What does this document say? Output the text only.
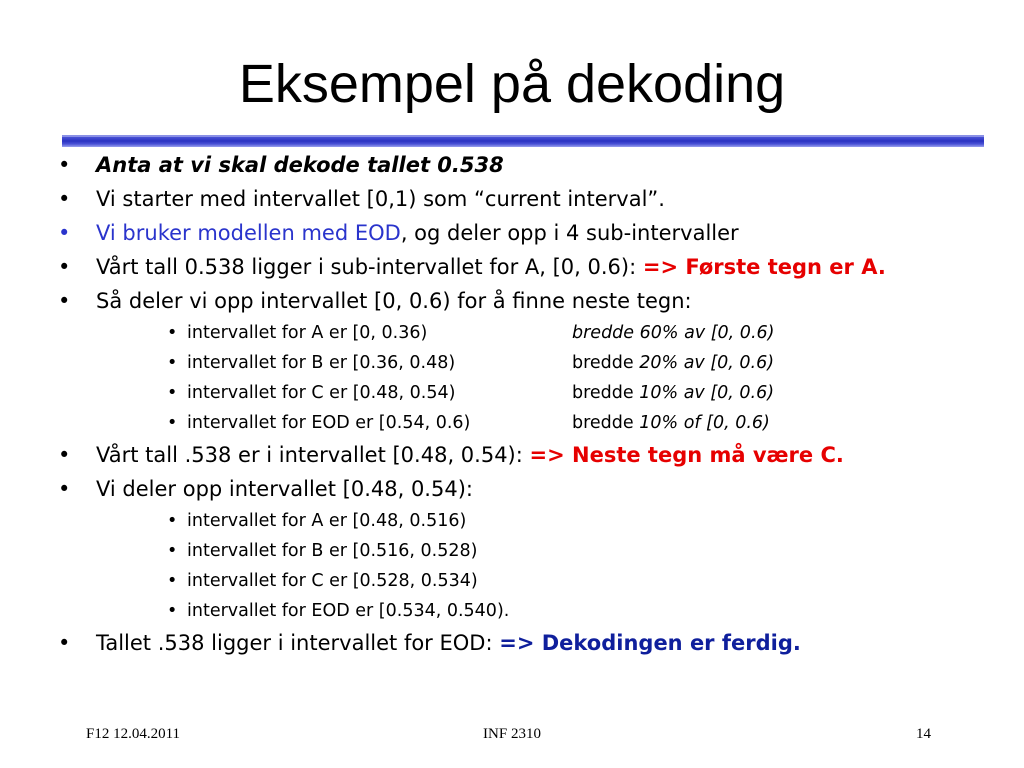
Eksempel på dekoding
• Anta at vi skal dekode tallet 0.538
• Vi starter med intervallet [0,1) som “current interval”.
• Vi bruker modellen med EOD, og deler opp i 4 sub-intervaller
• Vårt tall 0.538 ligger i sub-intervallet for A, [0, 0.6): => Første tegn er A.
• Så deler vi opp intervallet [0, 0.6) for å finne neste tegn:
• intervallet for A er [0, 0.36)	bredde 60% av [0, 0.6)
• intervallet for B er [0.36, 0.48)	bredde 20% av [0, 0.6)
• intervallet for C er [0.48, 0.54)	bredde 10% av [0, 0.6)
• intervallet for EOD er [0.54, 0.6)	bredde 10% of [0, 0.6)
• Vårt tall .538 er i intervallet [0.48, 0.54): => Neste tegn må være C.
• Vi deler opp intervallet [0.48, 0.54):
• intervallet for A er [0.48, 0.516)
• intervallet for B er [0.516, 0.528)
• intervallet for C er [0.528, 0.534)
• intervallet for EOD er [0.534, 0.540).
• Tallet .538 ligger i intervallet for EOD: => Dekodingen er ferdig.
F12 12.04.2011	INF 2310	14
